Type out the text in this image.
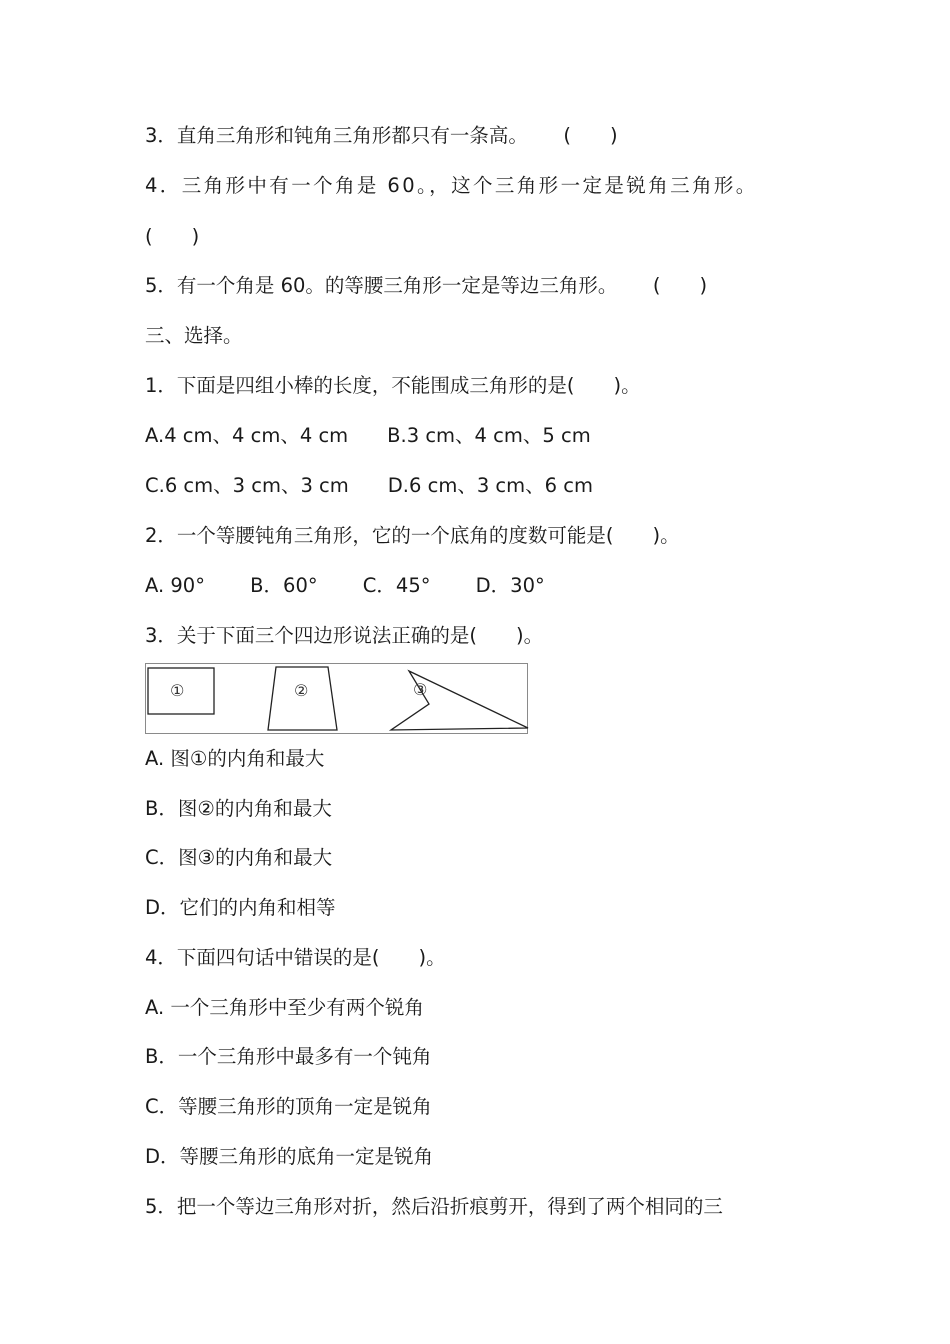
3．直角三角形和钝角三角形都只有一条高。　　 (　　)
4．三角形中有一个角是 60。，这个三角形一定是锐角三角形。
(　　)
5．有一个角是 60。的等腰三角形一定是等边三角形。　　 (　　)
三、选择。
1．下面是四组小棒的长度，不能围成三角形的是(　　)。
A.4 cm、4 cm、4 cm　　B.3 cm、4 cm、5 cm
C.6 cm、3 cm、3 cm　　D.6 cm、3 cm、6 cm
2．一个等腰钝角三角形，它的一个底角的度数可能是(　　)。
A. 90°　　 B．60°　　 C．45°　　 D．30°
3．关于下面三个四边形说法正确的是(　　)。
①	②	③
A. 图①的内角和最大
B．图②的内角和最大
C．图③的内角和最大
D．它们的内角和相等
4．下面四句话中错误的是(　　)。
A. 一个三角形中至少有两个锐角
B．一个三角形中最多有一个钝角
C．等腰三角形的顶角一定是锐角
D．等腰三角形的底角一定是锐角
5．把一个等边三角形对折，然后沿折痕剪开，得到了两个相同的三
